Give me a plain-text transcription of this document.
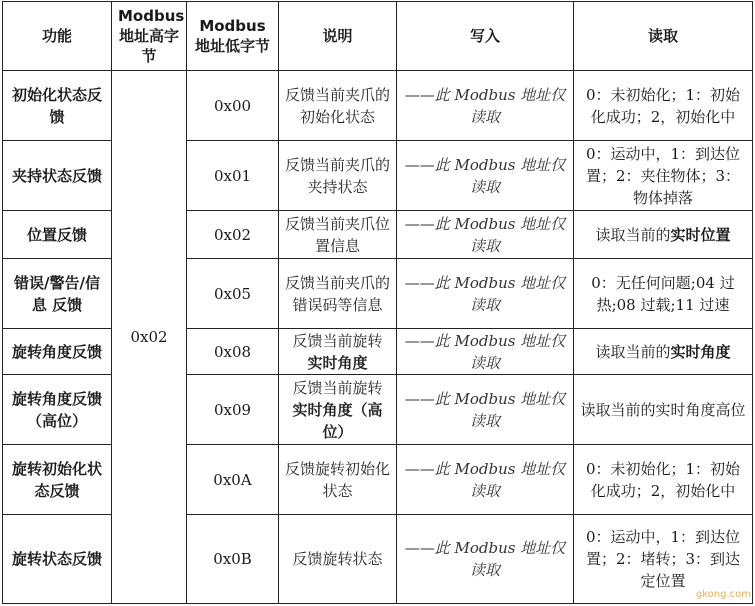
功能	Modbus 地址高字节	Modbus 地址低字节	说明	写入	读取
初始化状态反馈	0x02	0x00	反馈当前夹爪的初始化状态	——此 Modbus 地址仅读取	0：未初始化；1：初始化成功；2，初始化中
夹持状态反馈		0x01	反馈当前夹爪的夹持状态	——此 Modbus 地址仅读取	0：运动中，1：到达位置；2：夹住物体；3：物体掉落
位置反馈		0x02	反馈当前夹爪位置信息	——此 Modbus 地址仅读取	读取当前的实时位置
错误/警告/信息 反馈		0x05	反馈当前夹爪的错误码等信息	——此 Modbus 地址仅读取	0：无任何问题;04 过热;08 过载;11 过速
旋转角度反馈		0x08	反馈当前旋转实时角度	——此 Modbus 地址仅读取	读取当前的实时角度
旋转角度反馈（高位）		0x09	反馈当前旋转实时角度（高位）	——此 Modbus 地址仅读取	读取当前的实时角度高位
旋转初始化状态反馈		0x0A	反馈旋转初始化状态	——此 Modbus 地址仅读取	0：未初始化；1：初始化成功；2，初始化中
旋转状态反馈		0x0B	反馈旋转状态	——此 Modbus 地址仅读取	0：运动中，1：到达位置；2：堵转；3：到达定位置
gkong.com
